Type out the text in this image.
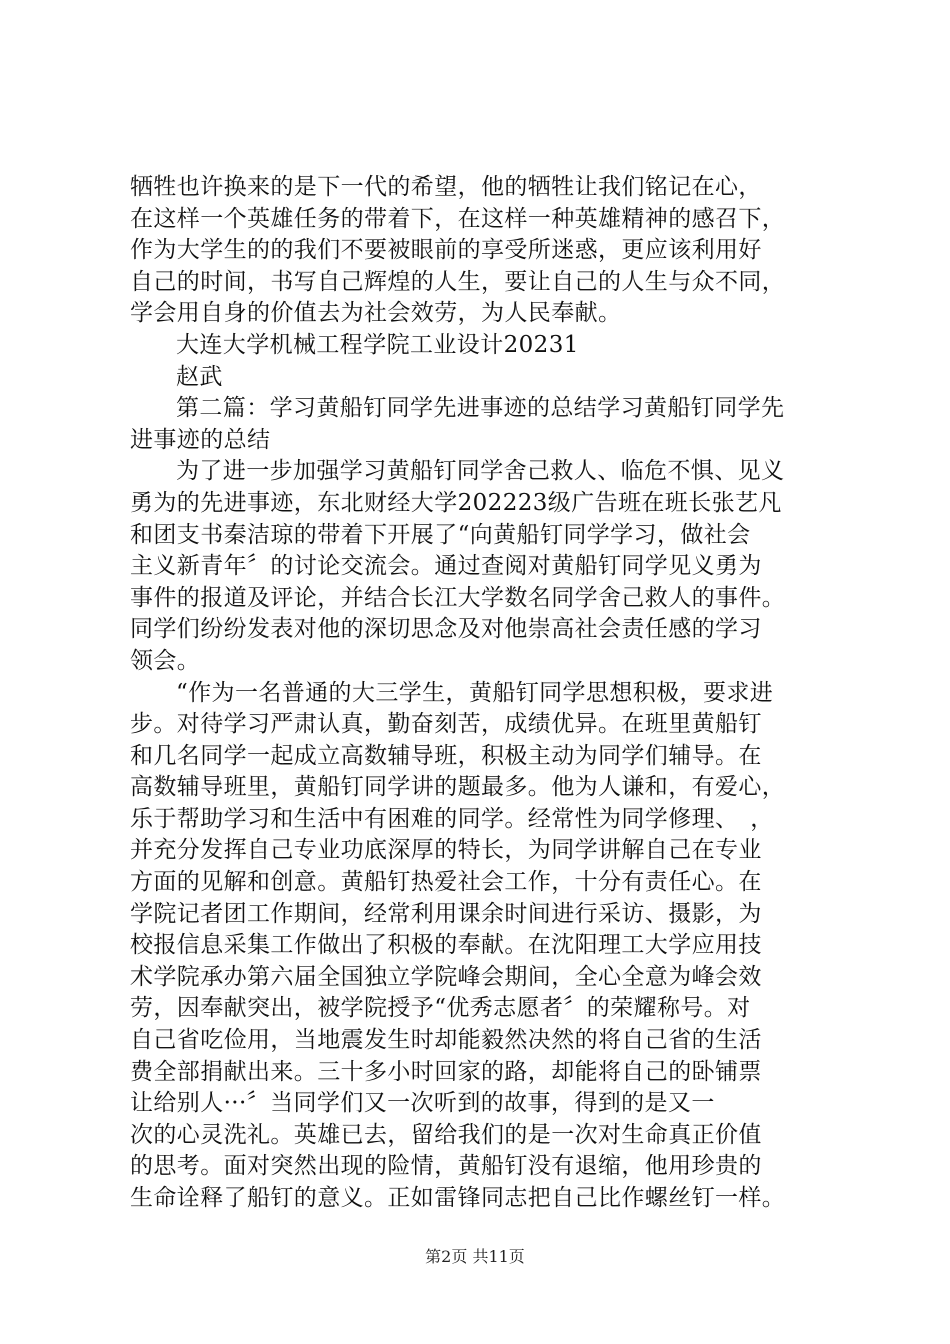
牺牲也许换来的是下一代的希望，他的牺牲让我们铭记在心，
在这样一个英雄任务的带着下，在这样一种英雄精神的感召下，
作为大学生的的我们不要被眼前的享受所迷惑，更应该利用好
自己的时间，书写自己辉煌的人生，要让自己的人生与众不同，
学会用自身的价值去为社会效劳，为人民奉献。
大连大学机械工程学院工业设计20231
赵武
第二篇：学习黄船钉同学先进事迹的总结学习黄船钉同学先
进事迹的总结
为了进一步加强学习黄船钉同学舍己救人、临危不惧、见义
勇为的先进事迹，东北财经大学202223级广告班在班长张艺凡
和团支书秦洁琼的带着下开展了“向黄船钉同学学习，做社会
主义新青年〞的讨论交流会。通过查阅对黄船钉同学见义勇为
事件的报道及评论，并结合长江大学数名同学舍己救人的事件。
同学们纷纷发表对他的深切思念及对他崇高社会责任感的学习
领会。
“作为一名普通的大三学生，黄船钉同学思想积极，要求进
步。对待学习严肃认真，勤奋刻苦，成绩优异。在班里黄船钉
和几名同学一起成立高数辅导班，积极主动为同学们辅导。在
高数辅导班里，黄船钉同学讲的题最多。他为人谦和，有爱心，
乐于帮助学习和生活中有困难的同学。经常性为同学修理、　，
并充分发挥自己专业功底深厚的特长，为同学讲解自己在专业
方面的见解和创意。黄船钉热爱社会工作，十分有责任心。在
学院记者团工作期间，经常利用课余时间进行采访、摄影，为
校报信息采集工作做出了积极的奉献。在沈阳理工大学应用技
术学院承办第六届全国独立学院峰会期间，全心全意为峰会效
劳，因奉献突出，被学院授予“优秀志愿者〞的荣耀称号。对
自己省吃俭用，当地震发生时却能毅然决然的将自己省的生活
费全部捐献出来。三十多小时回家的路，却能将自己的卧铺票
让给别人···〞当同学们又一次听到的故事，得到的是又一
次的心灵洗礼。英雄已去，留给我们的是一次对生命真正价值
的思考。面对突然出现的险情，黄船钉没有退缩，他用珍贵的
生命诠释了船钉的意义。正如雷锋同志把自己比作螺丝钉一样。
第2页 共11页
